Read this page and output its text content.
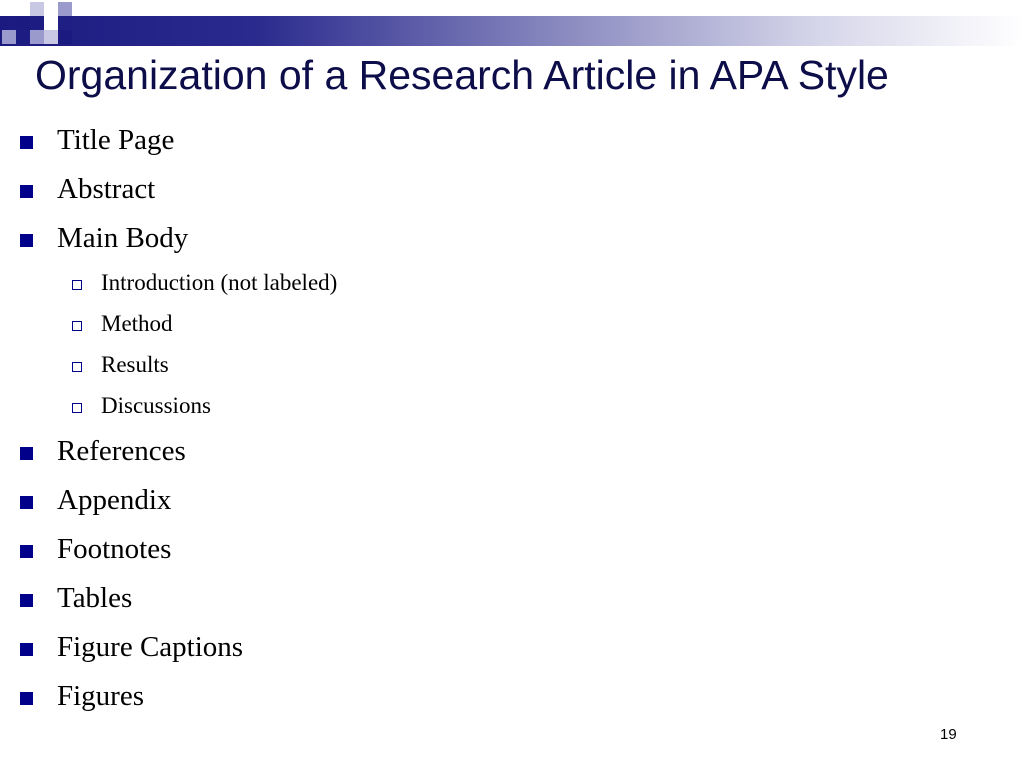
Organization of a Research Article in APA Style
Title Page
Abstract
Main Body
Introduction (not labeled)
Method
Results
Discussions
References
Appendix
Footnotes
Tables
Figure Captions
Figures
19
